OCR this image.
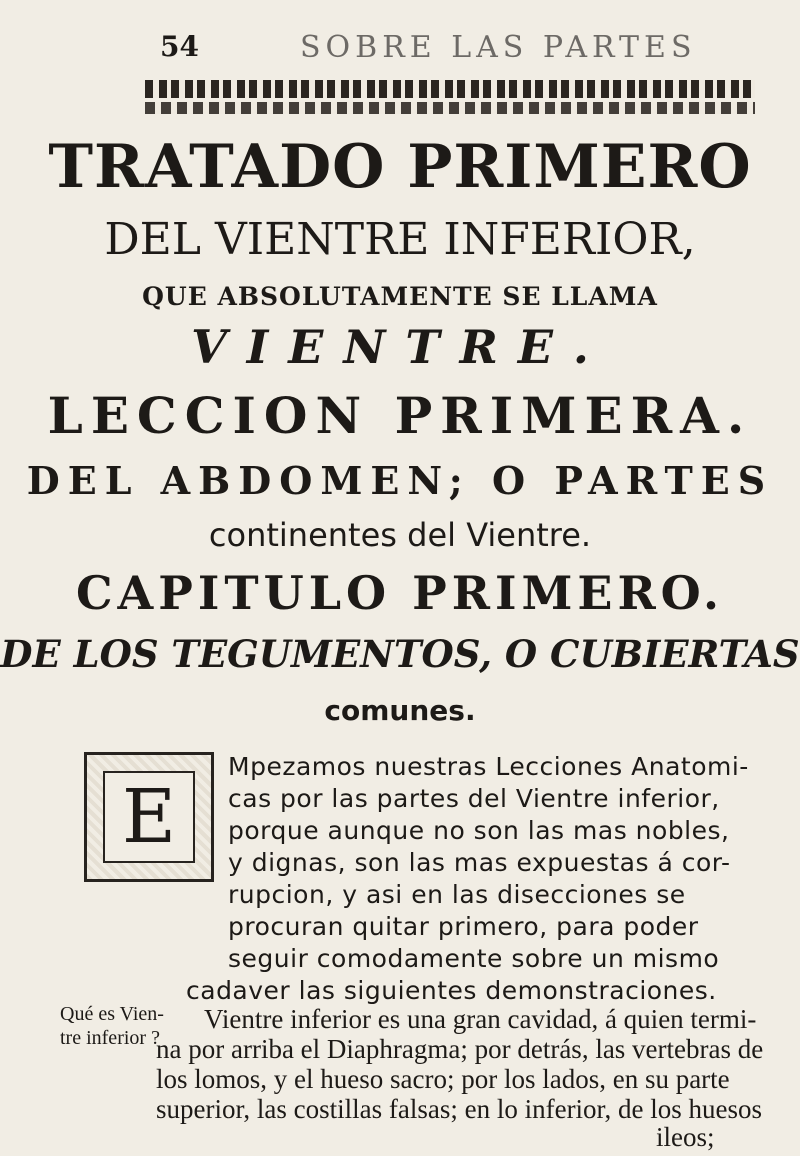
54	SOBRE LAS PARTES
TRATADO PRIMERO
DEL VIENTRE INFERIOR,
QUE ABSOLUTAMENTE SE LLAMA
VIENTRE.
LECCION PRIMERA.
DEL ABDOMEN; O PARTES
continentes del Vientre.
CAPITULO PRIMERO.
DE LOS TEGUMENTOS, O CUBIERTAS
comunes.
E
Mpezamos nuestras Lecciones Anatomi-
cas por las partes del Vientre inferior,
porque aunque no son las mas nobles,
y dignas, son las mas expuestas á cor-
rupcion, y asi en las disecciones se
procuran quitar primero, para poder
seguir comodamente sobre un mismo
cadaver las siguientes demonstraciones.
Qué es Vien-
tre inferior ?
Vientre inferior es una gran cavidad, á quien termi-
na por arriba el Diaphragma; por detrás, las vertebras de
los lomos, y el hueso sacro; por los lados, en su parte
superior, las costillas falsas; en lo inferior, de los huesos
ileos;
